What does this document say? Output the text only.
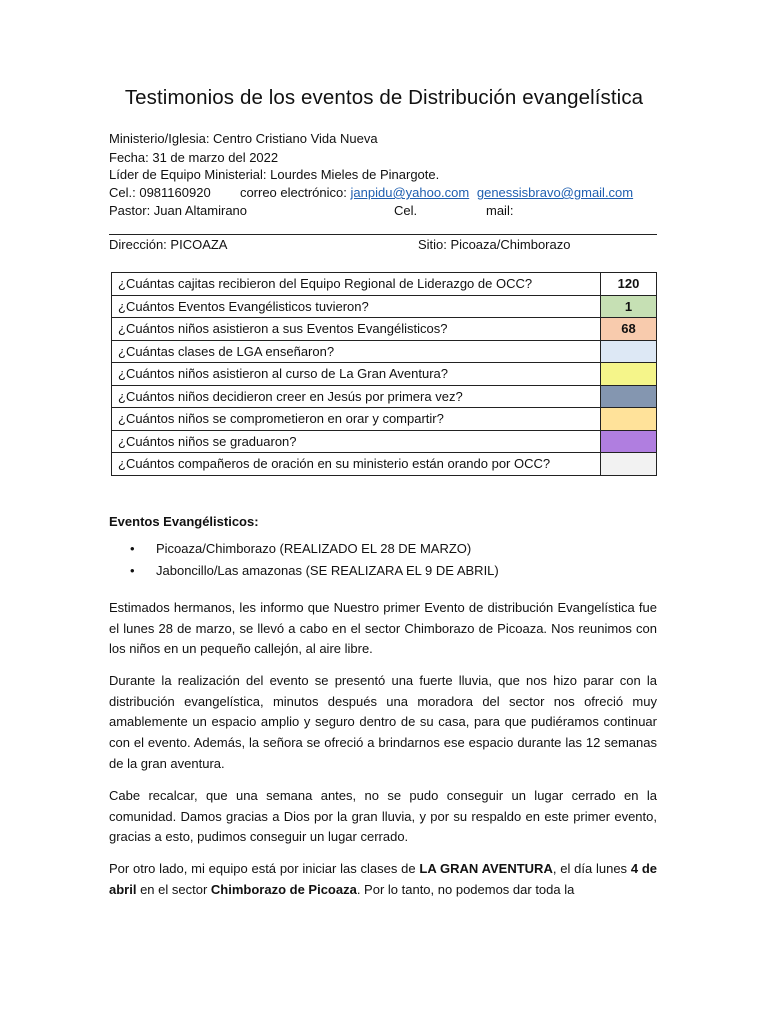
Testimonios de los eventos de Distribución evangelística
Ministerio/Iglesia: Centro Cristiano Vida Nueva
Fecha: 31 de marzo del 2022
Líder de Equipo Ministerial: Lourdes Mieles de Pinargote.
Cel.: 0981160920 correo electrónico: janpidu@yahoo.com genessisbravo@gmail.com
Pastor: Juan Altamirano	Cel.	mail:
Dirección: PICOAZA	Sitio: Picoaza/Chimborazo
¿Cuántas cajitas recibieron del Equipo Regional de Liderazgo de OCC?	120
¿Cuántos Eventos Evangélisticos tuvieron?	1
¿Cuántos niños asistieron a sus Eventos Evangélisticos?	68
¿Cuántas clases de LGA enseñaron?	
¿Cuántos niños asistieron al curso de La Gran Aventura?	
¿Cuántos niños decidieron creer en Jesús por primera vez?	
¿Cuántos niños se comprometieron en orar y compartir?	
¿Cuántos niños se graduaron?	
¿Cuántos compañeros de oración en su ministerio están orando por OCC?	
Eventos Evangélisticos:
• Picoaza/Chimborazo (REALIZADO EL 28 DE MARZO)
• Jaboncillo/Las amazonas (SE REALIZARA EL 9 DE ABRIL)
Estimados hermanos, les informo que Nuestro primer Evento de distribución Evangelística fue el lunes 28 de marzo, se llevó a cabo en el sector Chimborazo de Picoaza. Nos reunimos con los niños en un pequeño callejón, al aire libre.
Durante la realización del evento se presentó una fuerte lluvia, que nos hizo parar con la distribución evangelística, minutos después una moradora del sector nos ofreció muy amablemente un espacio amplio y seguro dentro de su casa, para que pudiéramos continuar con el evento. Además, la señora se ofreció a brindarnos ese espacio durante las 12 semanas de la gran aventura.
Cabe recalcar, que una semana antes, no se pudo conseguir un lugar cerrado en la comunidad. Damos gracias a Dios por la gran lluvia, y por su respaldo en este primer evento, gracias a esto, pudimos conseguir un lugar cerrado.
Por otro lado, mi equipo está por iniciar las clases de LA GRAN AVENTURA, el día lunes 4 de abril en el sector Chimborazo de Picoaza. Por lo tanto, no podemos dar toda la
